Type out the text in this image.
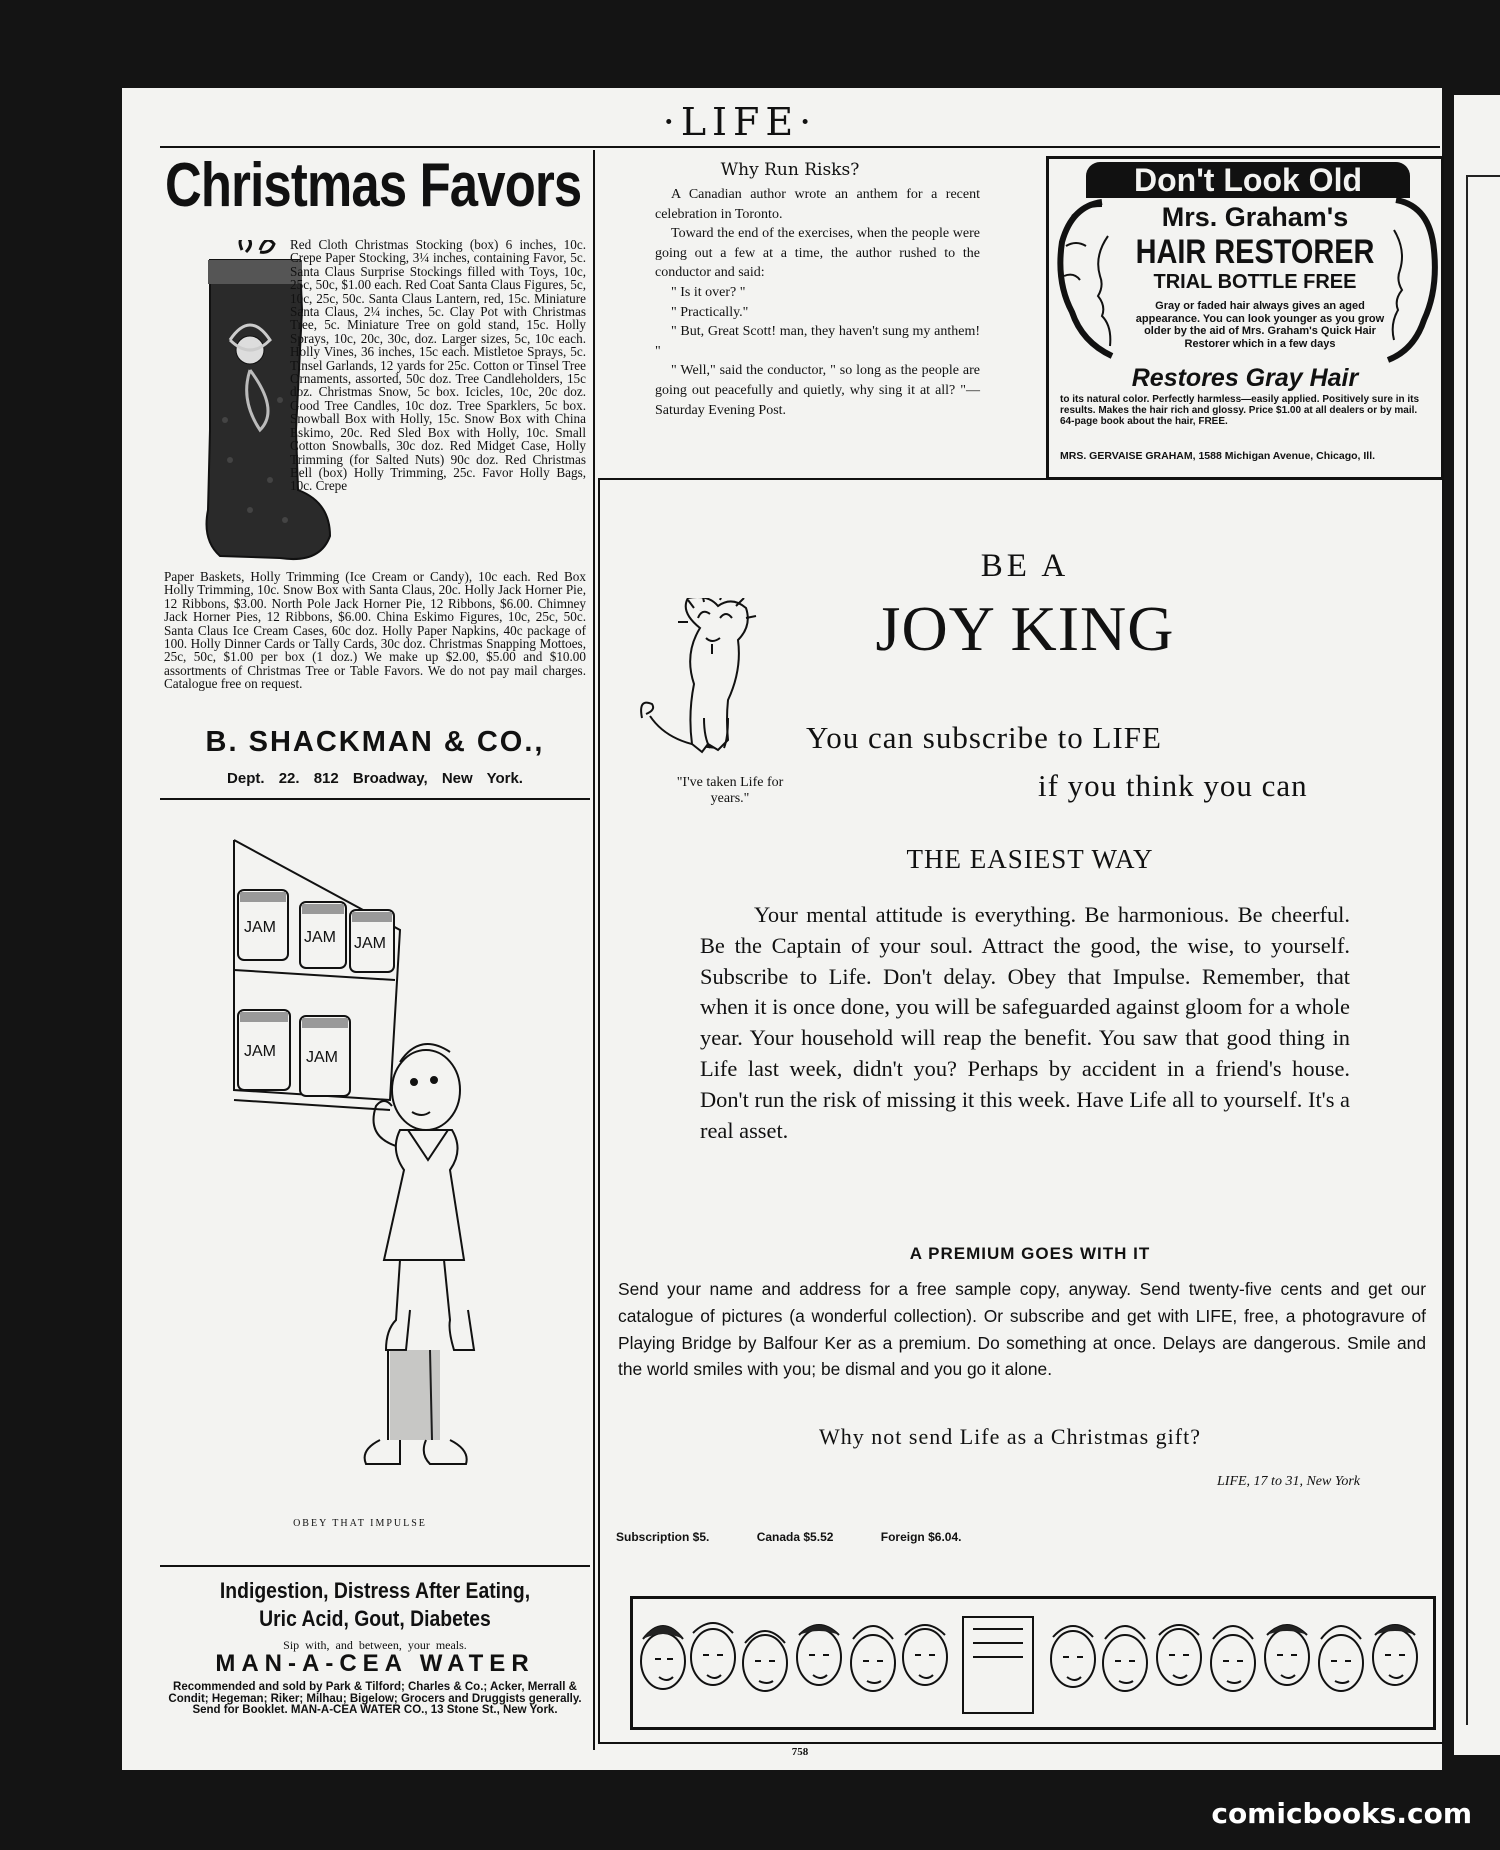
·LIFE·
Christmas Favors
Red Cloth Christmas Stocking (box) 6 inches, 10c. Crepe Paper Stocking, 3¼ inches, containing Favor, 5c. Santa Claus Surprise Stockings filled with Toys, 10c, 25c, 50c, $1.00 each. Red Coat Santa Claus Figures, 5c, 10c, 25c, 50c. Santa Claus Lantern, red, 15c. Miniature Santa Claus, 2¼ inches, 5c. Clay Pot with Christmas Tree, 5c. Miniature Tree on gold stand, 15c. Holly Sprays, 10c, 20c, 30c, doz. Larger sizes, 5c, 10c each. Holly Vines, 36 inches, 15c each. Mistletoe Sprays, 5c. Tinsel Garlands, 12 yards for 25c. Cotton or Tinsel Tree Ornaments, assorted, 50c doz. Tree Candleholders, 15c doz. Christmas Snow, 5c box. Icicles, 10c, 20c doz. Good Tree Candles, 10c doz. Tree Sparklers, 5c box. Snowball Box with Holly, 15c. Snow Box with China Eskimo, 20c. Red Sled Box with Holly, 10c. Small Cotton Snowballs, 30c doz. Red Midget Case, Holly Trimming (for Salted Nuts) 90c doz. Red Christmas Bell (box) Holly Trimming, 25c. Favor Holly Bags, 10c. Crepe
Paper Baskets, Holly Trimming (Ice Cream or Candy), 10c each. Red Box Holly Trimming, 10c. Snow Box with Santa Claus, 20c. Holly Jack Horner Pie, 12 Ribbons, $3.00. North Pole Jack Horner Pie, 12 Ribbons, $6.00. Chimney Jack Horner Pies, 12 Ribbons, $6.00. China Eskimo Figures, 10c, 25c, 50c. Santa Claus Ice Cream Cases, 60c doz. Holly Paper Napkins, 40c package of 100. Holly Dinner Cards or Tally Cards, 30c doz. Christmas Snapping Mottoes, 25c, 50c, $1.00 per box (1 doz.) We make up $2.00, $5.00 and $10.00 assortments of Christmas Tree or Table Favors. We do not pay mail charges. Catalogue free on request.
B. SHACKMAN & CO.,
Dept. 22. 812 Broadway, New York.
Why Run Risks?

A Canadian author wrote an anthem for a recent celebration in Toronto.

Toward the end of the exercises, when the people were going out a few at a time, the author rushed to the conductor and said:

" Is it over? "

" Practically."

" But, Great Scott! man, they haven't sung my anthem! "

" Well," said the conductor, " so long as the people are going out peacefully and quietly, why sing it at all? "—Saturday Evening Post.

Don't Look Old
Mrs. Graham's
HAIR RESTORER
TRIAL BOTTLE FREE
Gray or faded hair always gives an aged appearance. You can look younger as you grow older by the aid of Mrs. Graham's Quick Hair Restorer which in a few days
Restores Gray Hair
to its natural color. Perfectly harmless—easily applied. Positively sure in its results. Makes the hair rich and glossy. Price $1.00 at all dealers or by mail. 64-page book about the hair, FREE.
MRS. GERVAISE GRAHAM, 1588 Michigan Avenue, Chicago, Ill.
BE A
JOY KING
"I've taken Life for years."
You can subscribe to LIFE
if you think you can
THE EASIEST WAY
Your mental attitude is everything. Be harmonious. Be cheerful. Be the Captain of your soul. Attract the good, the wise, to yourself. Subscribe to Life. Don't delay. Obey that Impulse. Remember, that when it is once done, you will be safeguarded against gloom for a whole year. Your household will reap the benefit. You saw that good thing in Life last week, didn't you? Perhaps by accident in a friend's house. Don't run the risk of missing it this week. Have Life all to yourself. It's a real asset.
A PREMIUM GOES WITH IT
Send your name and address for a free sample copy, anyway. Send twenty-five cents and get our catalogue of pictures (a wonderful collection). Or subscribe and get with LIFE, free, a photogravure of Playing Bridge by Balfour Ker as a premium. Do something at once. Delays are dangerous. Smile and the world smiles with you; be dismal and you go it alone.
Why not send Life as a Christmas gift?
LIFE, 17 to 31, New York
Subscription $5.	Canada $5.52	Foreign $6.04.
JAM
JAM JAM
JAM JAM
OBEY THAT IMPULSE
Indigestion, Distress After Eating,
Uric Acid, Gout, Diabetes
Sip with, and between, your meals.
MAN-A-CEA WATER
Recommended and sold by Park & Tilford; Charles & Co.; Acker, Merrall & Condit; Hegeman; Riker; Milhau; Bigelow; Grocers and Druggists generally. Send for Booklet. MAN-A-CEA WATER CO., 13 Stone St., New York.
758
comicbooks.com
